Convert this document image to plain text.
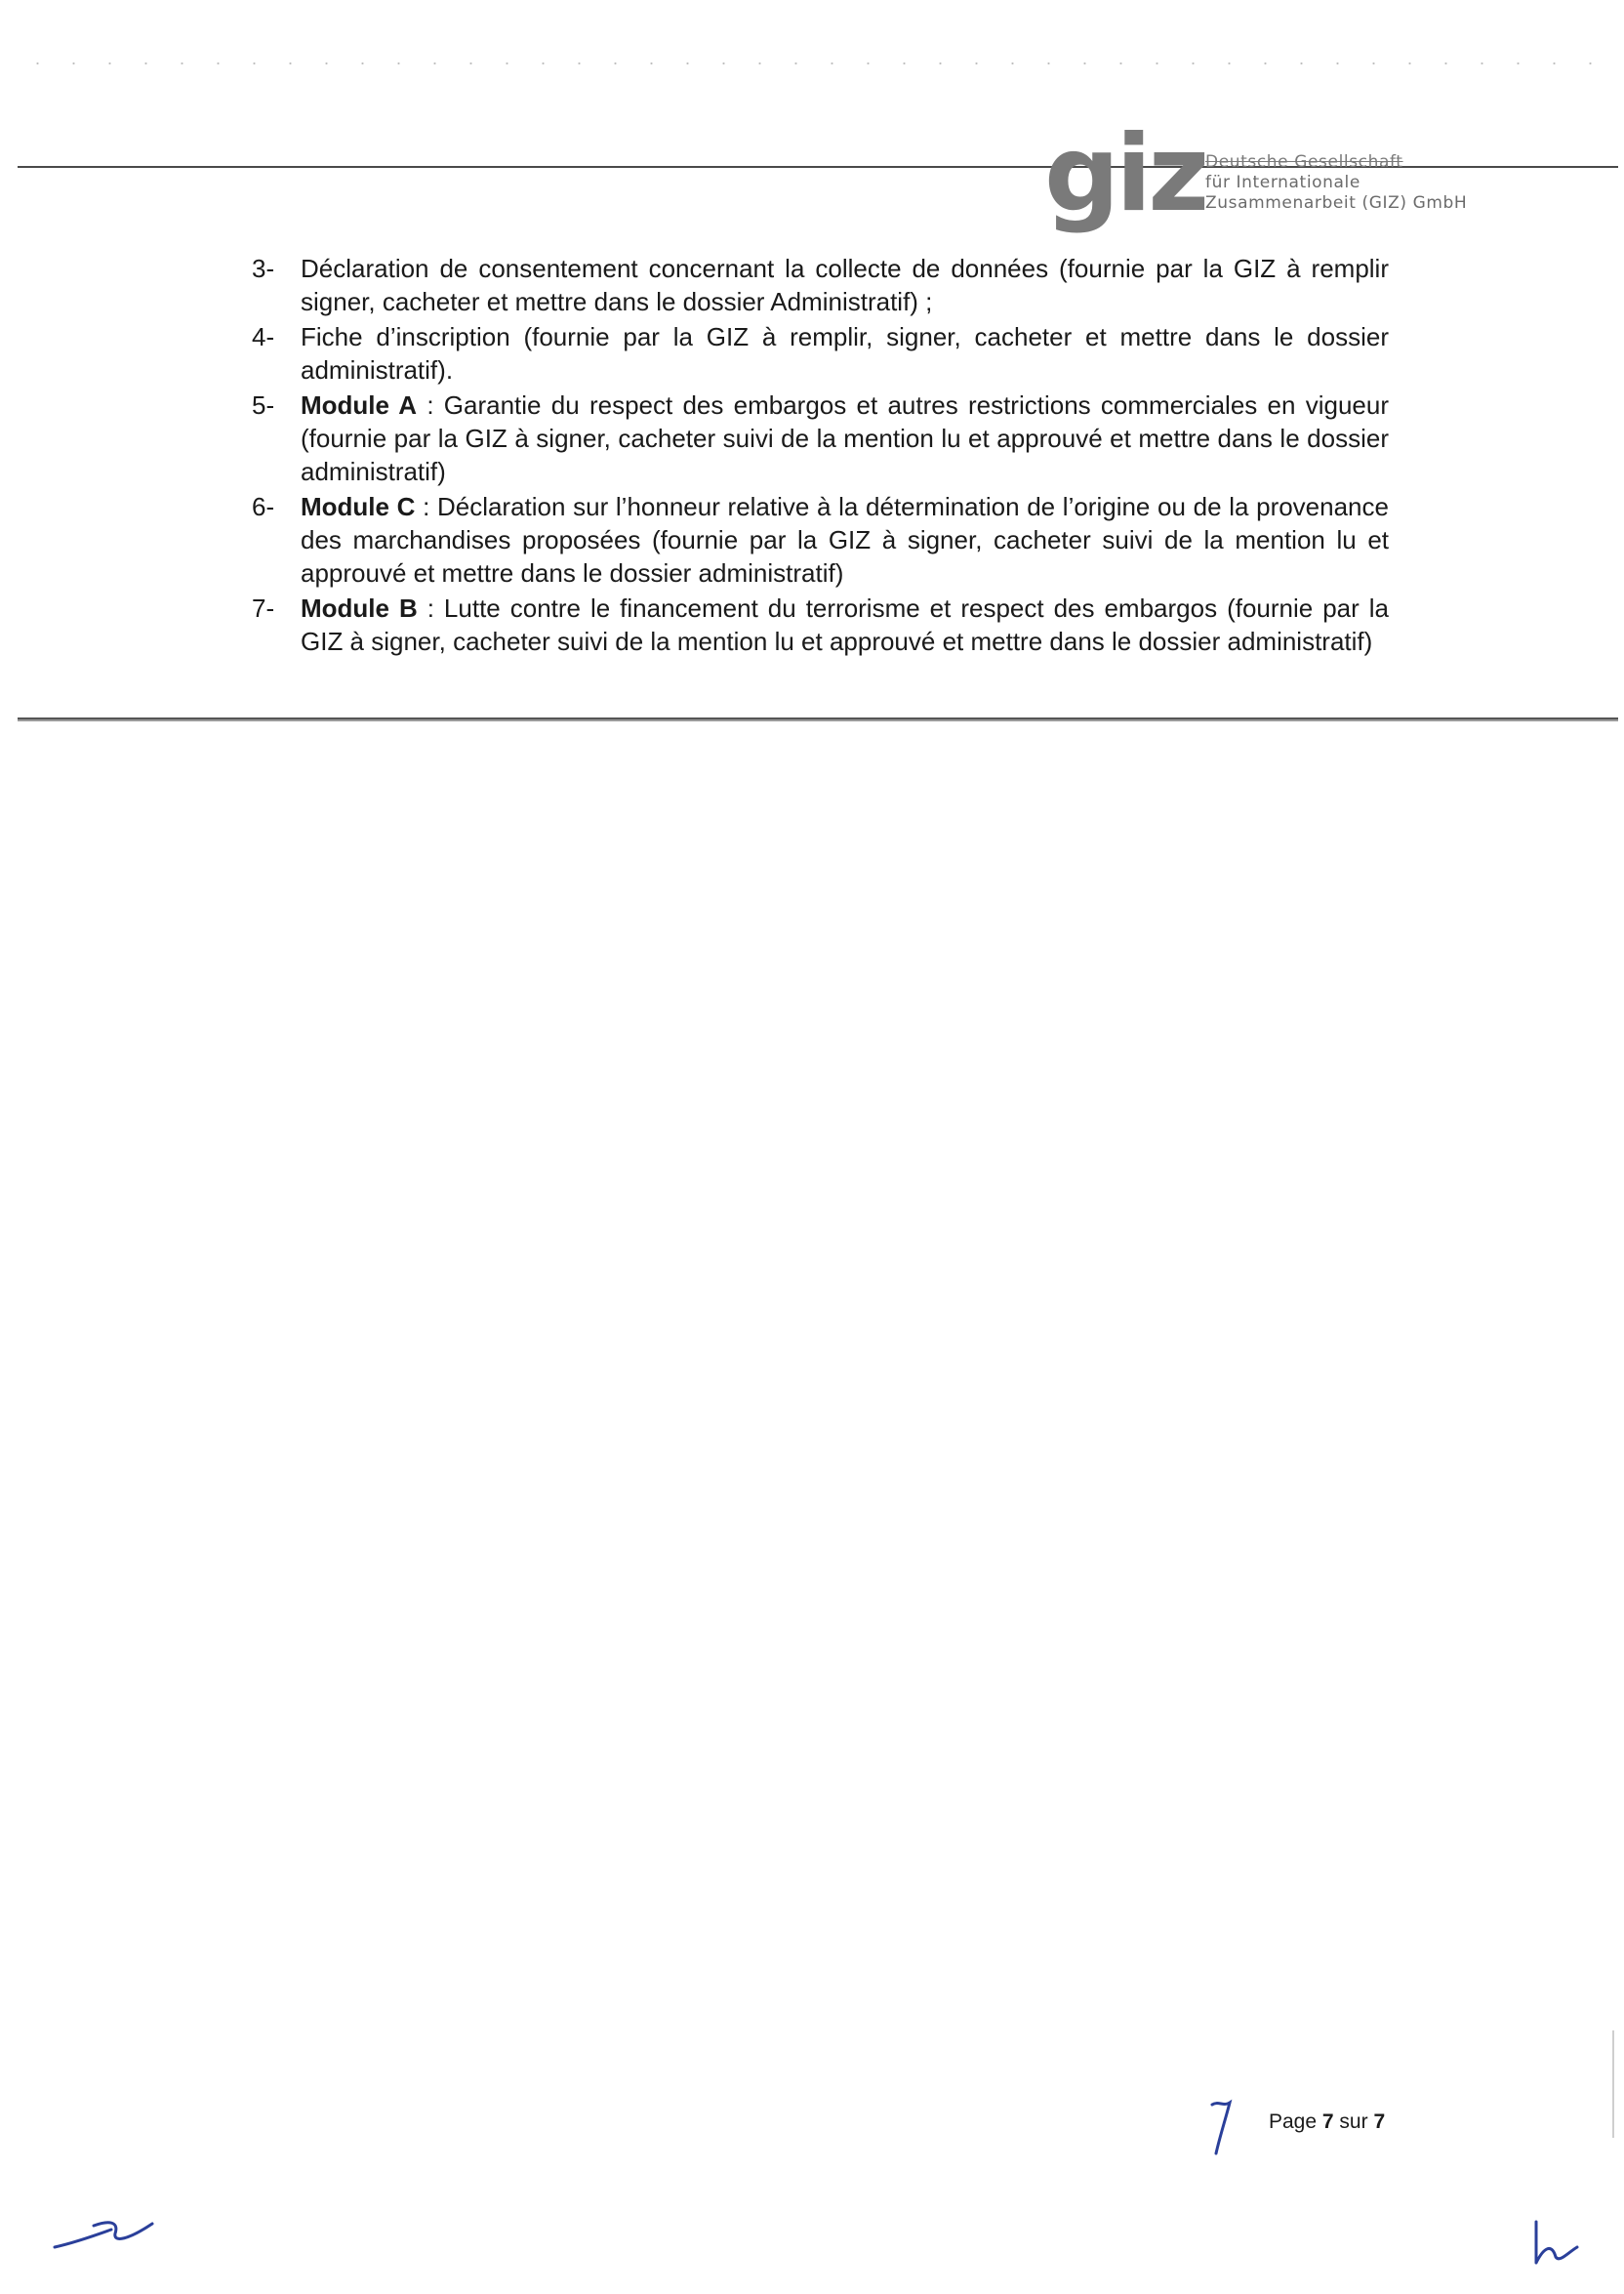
giz Deutsche Gesellschaft
für Internationale
Zusammenarbeit (GIZ) GmbH
3- Déclaration de consentement concernant la collecte de données (fournie par la GIZ à remplir signer, cacheter et mettre dans le dossier Administratif) ;
4- Fiche d’inscription (fournie par la GIZ à remplir, signer, cacheter et mettre dans le dossier administratif).
5- Module A : Garantie du respect des embargos et autres restrictions commerciales en vigueur (fournie par la GIZ à signer, cacheter suivi de la mention lu et approuvé et mettre dans le dossier administratif)
6- Module C : Déclaration sur l’honneur relative à la détermination de l’origine ou de la provenance des marchandises proposées (fournie par la GIZ à signer, cacheter suivi de la mention lu et approuvé et mettre dans le dossier administratif)
7- Module B : Lutte contre le financement du terrorisme et respect des embargos (fournie par la GIZ à signer, cacheter suivi de la mention lu et approuvé et mettre dans le dossier administratif)
Page 7 sur 7
